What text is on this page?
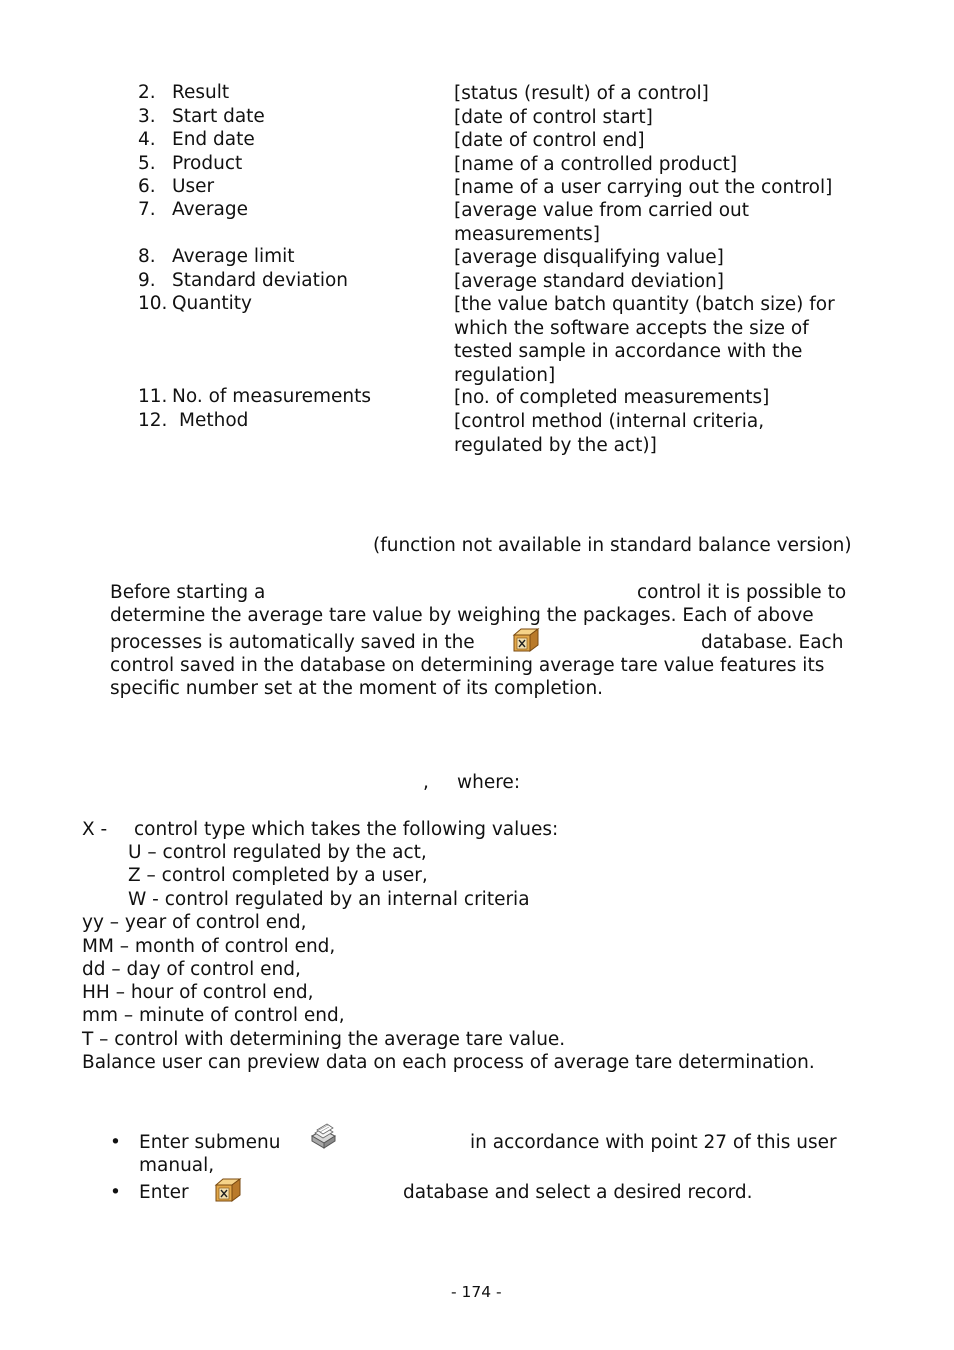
2. Result	[status (result) of a control]
3. Start date	[date of control start]
4. End date	[date of control end]
5. Product	[name of a controlled product]
6. User	[name of a user carrying out the control]
7. Average	[average value from carried out measurements]
8. Average limit	[average disqualifying value]
9. Standard deviation	[average standard deviation]
10. Quantity	[the value batch quantity (batch size) for which the software accepts the size of tested sample in accordance with the regulation]
11. No. of measurements	[no. of completed measurements]
12. Method	[control method (internal criteria, regulated by the act)]
(function not available in standard balance version)
Before starting a	control it is possible to
determine the average tare value by weighing the packages. Each of above
processes is automatically saved in the	database. Each
control saved in the database on determining average tare value features its
specific number set at the moment of its completion.
, where:
X - control type which takes the following values:
U – control regulated by the act,
Z – control completed by a user,
W - control regulated by an internal criteria
yy – year of control end,
MM – month of control end,
dd – day of control end,
HH – hour of control end,
mm – minute of control end,
T – control with determining the average tare value.
Balance user can preview data on each process of average tare determination.
• Enter submenu	in accordance with point 27 of this user
manual,
• Enter	database and select a desired record.
- 174 -
